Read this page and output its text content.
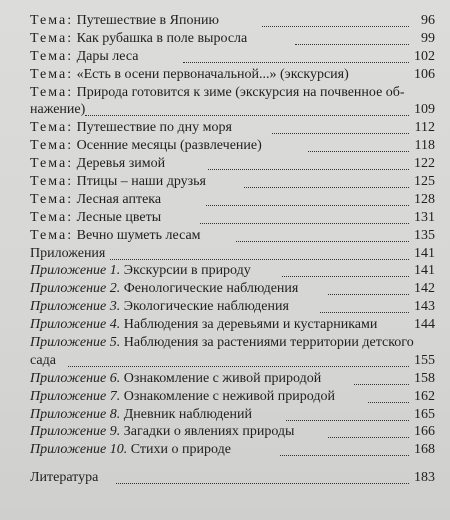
Тема: Путешествие в Японию	96
Тема: Как рубашка в поле выросла	99
Тема: Дары леса	102
Тема: «Есть в осени первоначальной...» (экскурсия)	106
Тема: Природа готовится к зиме (экскурсия на почвенное об-
нажение)	109
Тема: Путешествие по дну моря	112
Тема: Осенние месяцы (развлечение)	118
Тема: Деревья зимой	122
Тема: Птицы – наши друзья	125
Тема: Лесная аптека	128
Тема: Лесные цветы	131
Тема: Вечно шуметь лесам	135
Приложения	141
Приложение 1. Экскурсии в природу	141
Приложение 2. Фенологические наблюдения	142
Приложение 3. Экологические наблюдения	143
Приложение 4. Наблюдения за деревьями и кустарниками	144
Приложение 5. Наблюдения за растениями территории детского
сада	155
Приложение 6. Ознакомление с живой природой	158
Приложение 7. Ознакомление с неживой природой	162
Приложение 8. Дневник наблюдений	165
Приложение 9. Загадки о явлениях природы	166
Приложение 10. Стихи о природе	168
Литература	183
